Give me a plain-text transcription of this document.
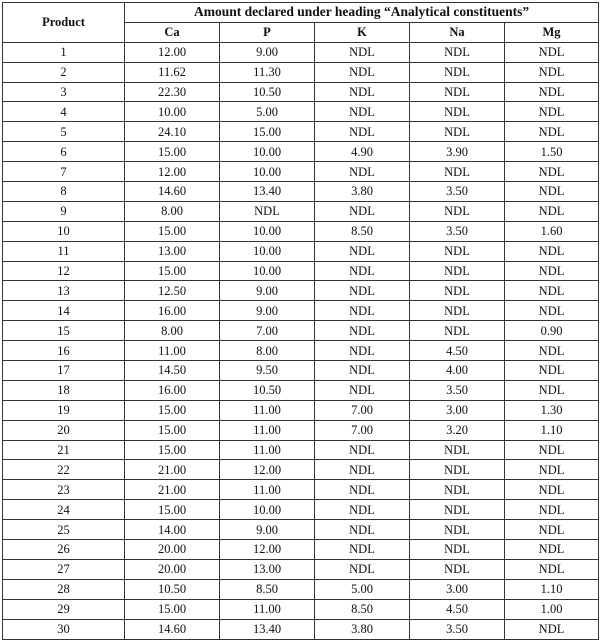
Product	Amount declared under heading “Analytical constituents”				
	Ca	P	K	Na	Mg
1	12.00	9.00	NDL	NDL	NDL
2	11.62	11.30	NDL	NDL	NDL
3	22.30	10.50	NDL	NDL	NDL
4	10.00	5.00	NDL	NDL	NDL
5	24.10	15.00	NDL	NDL	NDL
6	15.00	10.00	4.90	3.90	1.50
7	12.00	10.00	NDL	NDL	NDL
8	14.60	13.40	3.80	3.50	NDL
9	8.00	NDL	NDL	NDL	NDL
10	15.00	10.00	8.50	3.50	1.60
11	13.00	10.00	NDL	NDL	NDL
12	15.00	10.00	NDL	NDL	NDL
13	12.50	9.00	NDL	NDL	NDL
14	16.00	9.00	NDL	NDL	NDL
15	8.00	7.00	NDL	NDL	0.90
16	11.00	8.00	NDL	4.50	NDL
17	14.50	9.50	NDL	4.00	NDL
18	16.00	10.50	NDL	3.50	NDL
19	15.00	11.00	7.00	3.00	1.30
20	15.00	11.00	7.00	3.20	1.10
21	15.00	11.00	NDL	NDL	NDL
22	21.00	12.00	NDL	NDL	NDL
23	21.00	11.00	NDL	NDL	NDL
24	15.00	10.00	NDL	NDL	NDL
25	14.00	9.00	NDL	NDL	NDL
26	20.00	12.00	NDL	NDL	NDL
27	20.00	13.00	NDL	NDL	NDL
28	10.50	8.50	5.00	3.00	1.10
29	15.00	11.00	8.50	4.50	1.00
30	14.60	13.40	3.80	3.50	NDL
